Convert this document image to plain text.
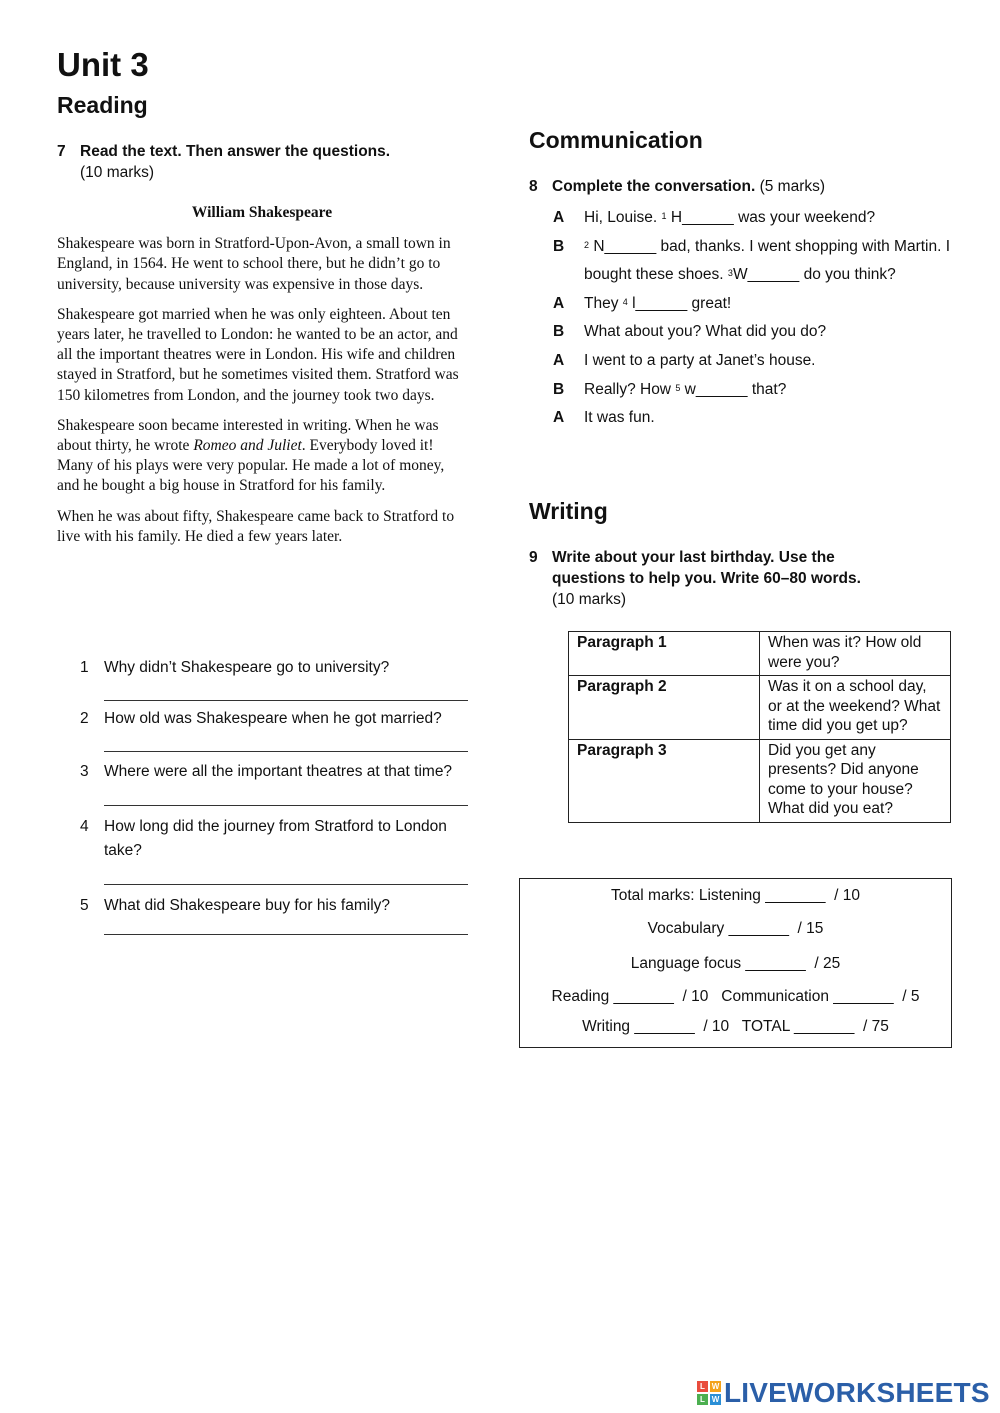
Unit 3
Reading
7 Read the text. Then answer the questions.
(10 marks)
William Shakespeare

Shakespeare was born in Stratford-Upon-Avon, a small town in England, in 1564. He went to school there, but he didn’t go to university, because university was expensive in those days.

Shakespeare got married when he was only eighteen. About ten years later, he travelled to London: he wanted to be an actor, and all the important theatres were in London. His wife and children stayed in Stratford, but he sometimes visited them. Stratford was 150 kilometres from London, and the journey took two days.

Shakespeare soon became interested in writing. When he was about thirty, he wrote Romeo and Juliet. Everybody loved it! Many of his plays were very popular. He made a lot of money, and he bought a big house in Stratford for his family.

When he was about fifty, Shakespeare came back to Stratford to live with his family. He died a few years later.

1 Why didn’t Shakespeare go to university?
2 How old was Shakespeare when he got married?
3 Where were all the important theatres at that time?
4 How long did the journey from Stratford to London take?
5 What did Shakespeare buy for his family?
Communication
8 Complete the conversation. (5 marks)
A Hi, Louise. $^1$ H______ was your weekend?
B $^2$ N______ bad, thanks. I went shopping with Martin. I bought these shoes. $^3$W______ do you think?
A They $^4$ l______ great!
B What about you? What did you do?
A I went to a party at Janet’s house.
B Really? How $^5$ w______ that?
A It was fun.
Writing
9 Write about your last birthday. Use the questions to help you. Write 60–80 words.
(10 marks)
Paragraph 1	When was it? How old were you?
Paragraph 2	Was it on a school day, or at the weekend? What time did you get up?
Paragraph 3	Did you get any presents? Did anyone come to your house? What did you eat?
Total marks: Listening _______  / 10
Vocabulary _______  / 15
Language focus _______  / 25
Reading _______  / 10   Communication _______  / 5
Writing _______  / 10   TOTAL _______  / 75
L W
L W LIVEWORKSHEETS
